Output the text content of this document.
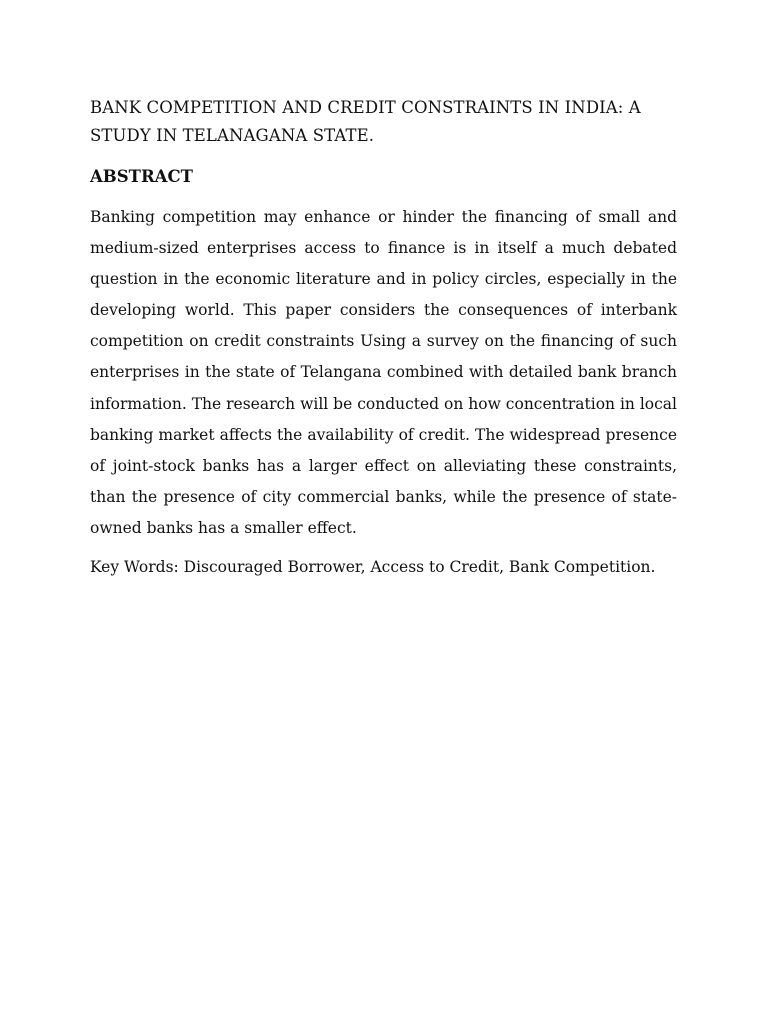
BANK COMPETITION AND CREDIT CONSTRAINTS IN INDIA: A STUDY IN TELANAGANA STATE.
ABSTRACT

Banking competition may enhance or hinder the financing of small and medium-sized enterprises access to finance is in itself a much debated question in the economic literature and in policy circles, especially in the developing world. This paper considers the consequences of interbank competition on credit constraints Using a survey on the financing of such enterprises in the state of Telangana combined with detailed bank branch information. The research will be conducted on how concentration in local banking market affects the availability of credit. The widespread presence of joint-stock banks has a larger effect on alleviating these constraints, than the presence of city commercial banks, while the presence of state-owned banks has a smaller effect.

Key Words: Discouraged Borrower, Access to Credit, Bank Competition.
